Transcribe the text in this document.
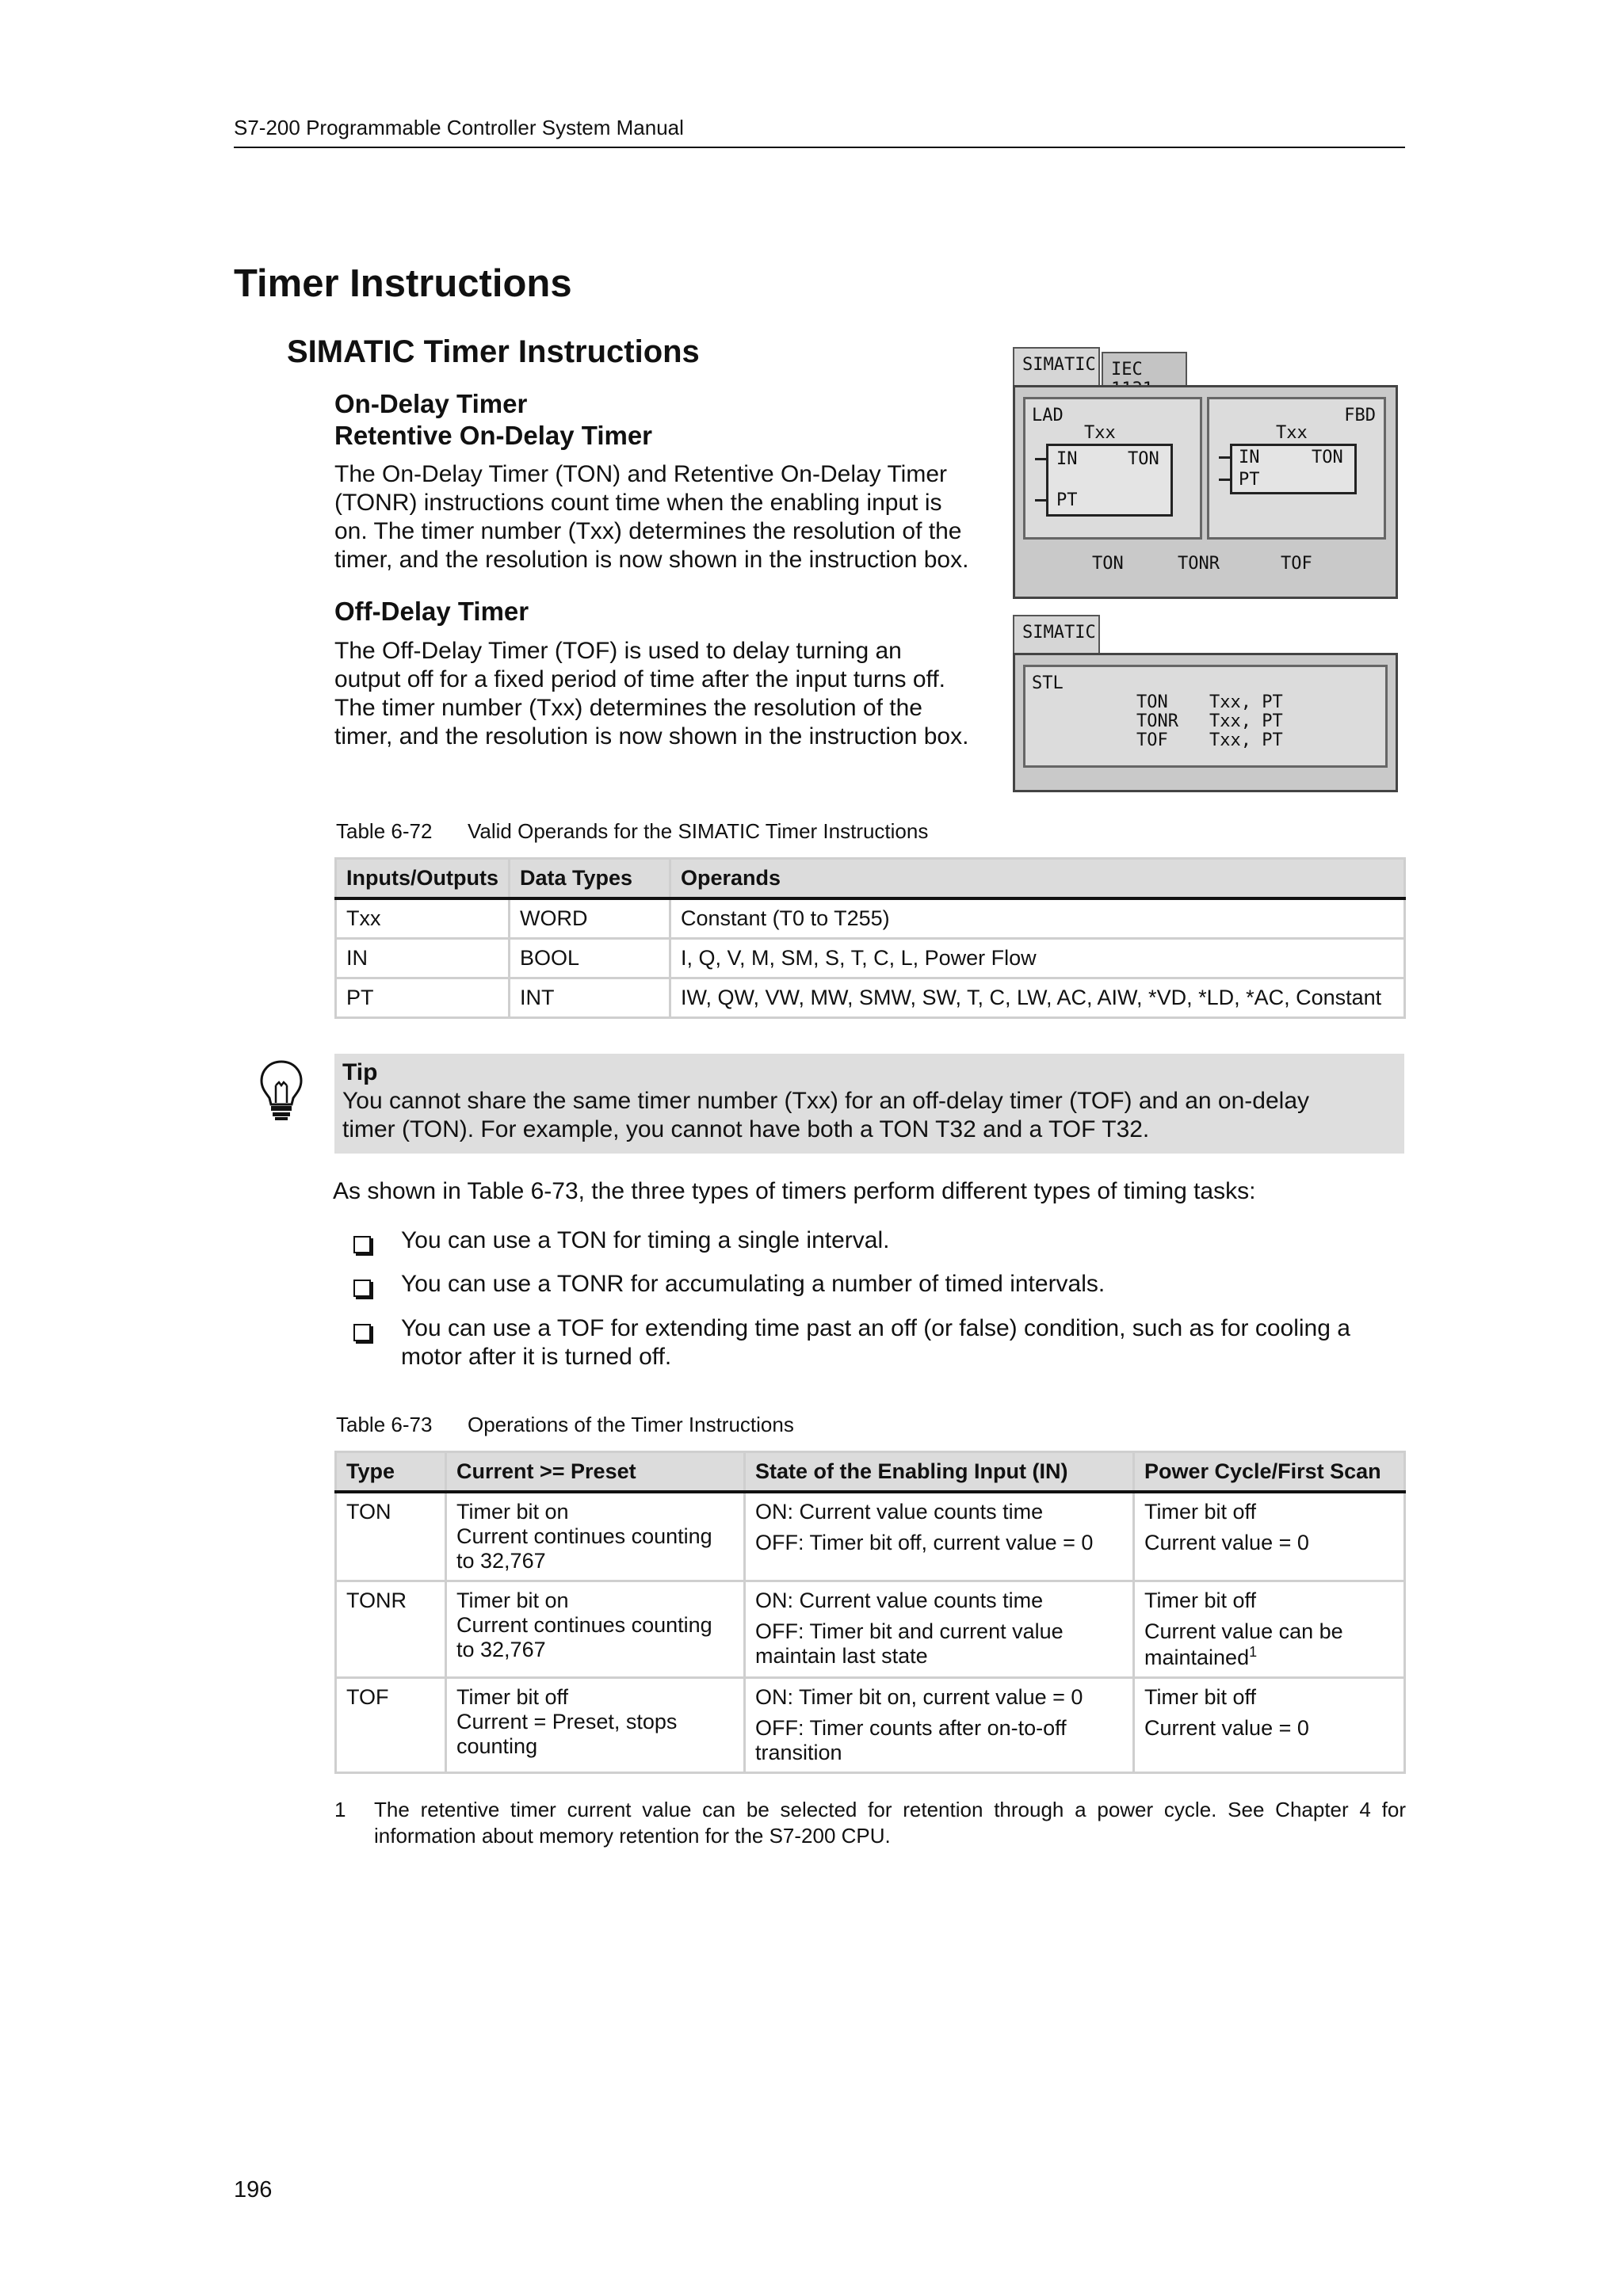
S7-200 Programmable Controller System Manual
Timer Instructions
SIMATIC Timer Instructions
On-Delay Timer
Retentive On-Delay Timer
The On-Delay Timer (TON) and Retentive On-Delay Timer
(TONR) instructions count time when the enabling input is
on. The timer number (Txx) determines the resolution of the
timer, and the resolution is now shown in the instruction box.
Off-Delay Timer
The Off-Delay Timer (TOF) is used to delay turning an
output off for a fixed period of time after the input turns off.
The timer number (Txx) determines the resolution of the
timer, and the resolution is now shown in the instruction box.
SIMATIC IEC
LAD
Txx
IN	TON
PT
FBD
Txx
IN	TON
PT
TON	TONR	TOF
SIMATIC
STL
TON Txx, PT
TONR Txx, PT
TOF Txx, PT
Table 6-72 Valid Operands for the SIMATIC Timer Instructions
Inputs/Outputs	Data Types	Operands
Txx	WORD	Constant (T0 to T255)
IN	BOOL	I, Q, V, M, SM, S, T, C, L, Power Flow
PT	INT	IW, QW, VW, MW, SMW, SW, T, C, LW, AC, AIW, *VD, *LD, *AC, Constant
Tip
You cannot share the same timer number (Txx) for an off-delay timer (TOF) and an on-delay
timer (TON). For example, you cannot have both a TON T32 and a TOF T32.
As shown in Table 6-73, the three types of timers perform different types of timing tasks:
You can use a TON for timing a single interval.
You can use a TONR for accumulating a number of timed intervals.
You can use a TOF for extending time past an off (or false) condition, such as for cooling a
motor after it is turned off.
Table 6-73 Operations of the Timer Instructions
Type	Current >= Preset	State of the Enabling Input (IN)	Power Cycle/First Scan
TON	Timer bit on
Current continues counting
to 32,767	ON: Current value counts time
OFF: Timer bit off, current value = 0	Timer bit off
Current value = 0

TONR	Timer bit on
Current continues counting
to 32,767	ON: Current value counts time
OFF: Timer bit and current value
maintain last state	Timer bit off
Current value can be
maintained$^1$

TOF	Timer bit off
Current = Preset, stops
counting	ON: Timer bit on, current value = 0
OFF: Timer counts after on-to-off
transition	Timer bit off
Current value = 0
1 The retentive timer current value can be selected for retention through a power cycle. See Chapter 4 for
information about memory retention for the S7-200 CPU.
196
